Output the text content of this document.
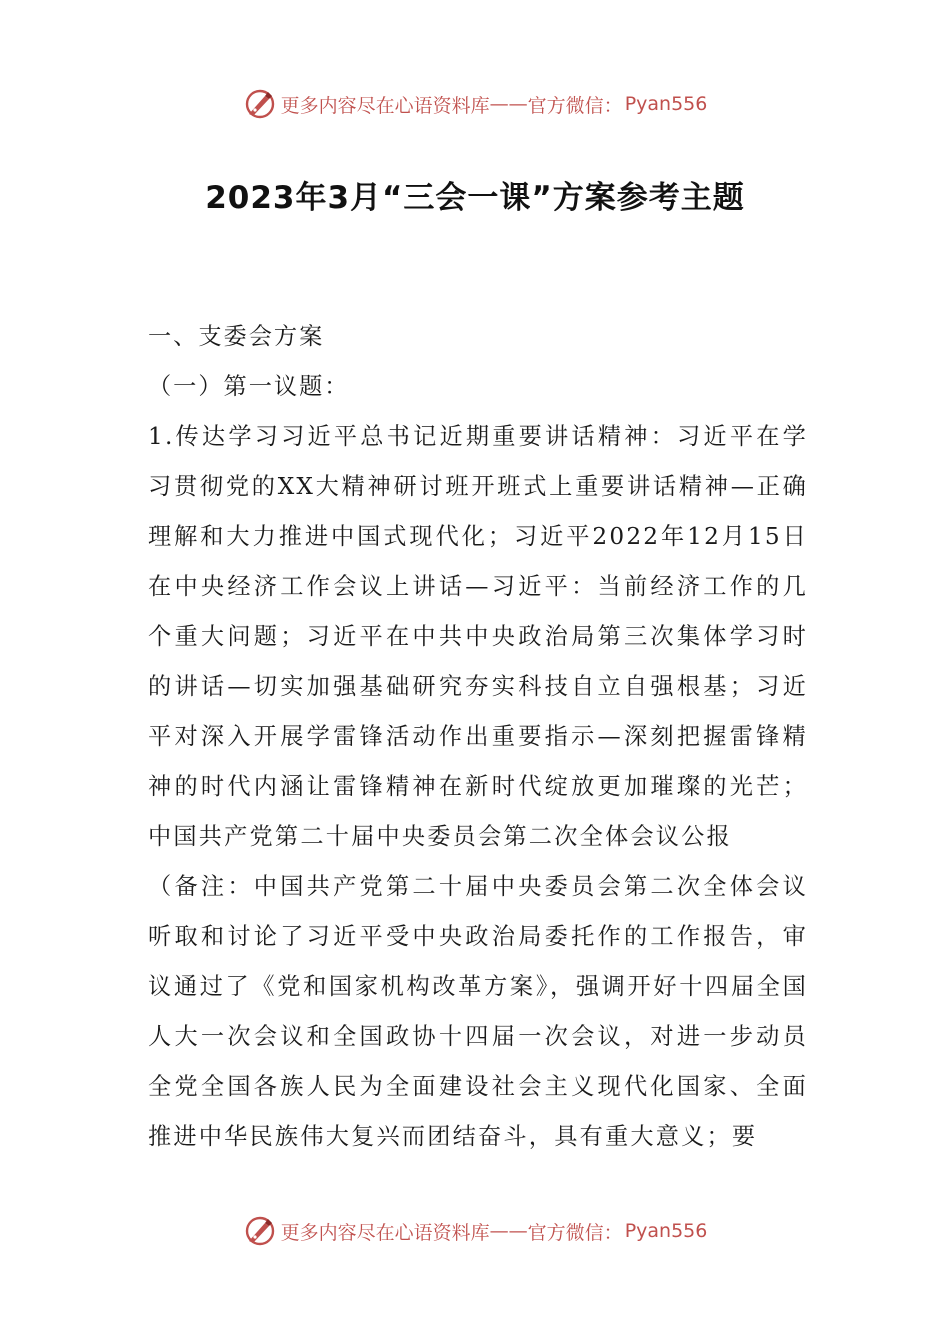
更多内容尽在心语资料库 —— 官方微信： Pyan556
2023年3月“三会一课”方案参考主题

一、支委会方案

（一）第一议题：

1.传达学习习近平总书记近期重要讲话精神：习近平在学习贯彻党的XX大精神研讨班开班式上重要讲话精神—正确理解和大力推进中国式现代化；习近平2022年12月15日在中央经济工作会议上讲话—习近平：当前经济工作的几个重大问题；习近平在中共中央政治局第三次集体学习时的讲话—切实加强基础研究夯实科技自立自强根基；习近平对深入开展学雷锋活动作出重要指示—深刻把握雷锋精神的时代内涵让雷锋精神在新时代绽放更加璀璨的光芒；中国共产党第二十届中央委员会第二次全体会议公报

（备注：中国共产党第二十届中央委员会第二次全体会议听取和讨论了习近平受中央政治局委托作的工作报告，审议通过了《党和国家机构改革方案》，强调开好十四届全国人大一次会议和全国政协十四届一次会议，对进一步动员全党全国各族人民为全面建设社会主义现代化国家、全面推进中华民族伟大复兴而团结奋斗，具有重大意义；要

更多内容尽在心语资料库 —— 官方微信： Pyan556
